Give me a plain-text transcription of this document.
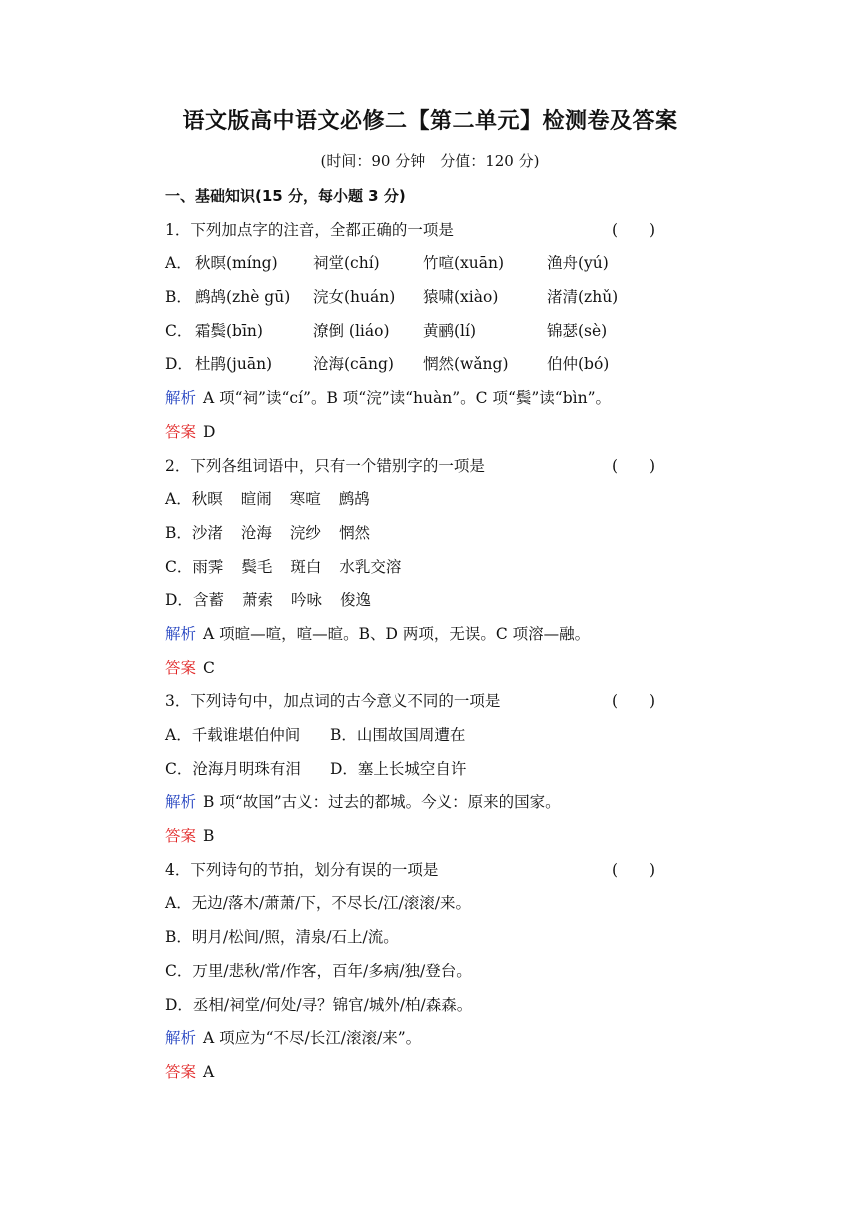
语文版高中语文必修二【第二单元】检测卷及答案
(时间：90 分钟　分值：120 分)
一、基础知识(15 分，每小题 3 分)
1．下列加点字的注音，全都正确的一项是	(　　)
A． 秋暝(míng) 祠堂(chí)	竹喧(xuān)	渔舟(yú)
B． 鹧鸪(zhè gū) 浣女(huán) 猿啸(xiào)	渚清(zhǔ)
C． 霜鬓(bīn)	潦倒 (liáo) 黄鹂(lí)	锦瑟(sè)
D． 杜鹃(juān)	沧海(cāng) 惘然(wǎng) 伯仲(bó)
解析 A 项“祠”读“cí”。B 项“浣”读“huàn”。C 项“鬓”读“bìn”。
答案 D
2．下列各组词语中，只有一个错别字的一项是	(　　)
A．秋暝 暄闹 寒喧 鹧鸪
B．沙渚 沧海 浣纱 惘然
C．雨霁 鬓毛 斑白 水乳交溶
D．含蓄 萧索 吟咏 俊逸
解析 A 项暄—喧，喧—暄。B、D 两项，无误。C 项溶—融。
答案 C
3．下列诗句中，加点词的古今意义不同的一项是	(　　)
A．千载谁堪伯仲间 B．山围故国周遭在
C．沧海月明珠有泪 D．塞上长城空自许
解析 B 项“故国”古义：过去的都城。今义：原来的国家。
答案 B
4．下列诗句的节拍，划分有误的一项是	(　　)
A．无边/落木/萧萧/下，不尽长/江/滚滚/来。
B．明月/松间/照，清泉/石上/流。
C．万里/悲秋/常/作客，百年/多病/独/登台。
D．丞相/祠堂/何处/寻？锦官/城外/柏/森森。
解析 A 项应为“不尽/长江/滚滚/来”。
答案 A
